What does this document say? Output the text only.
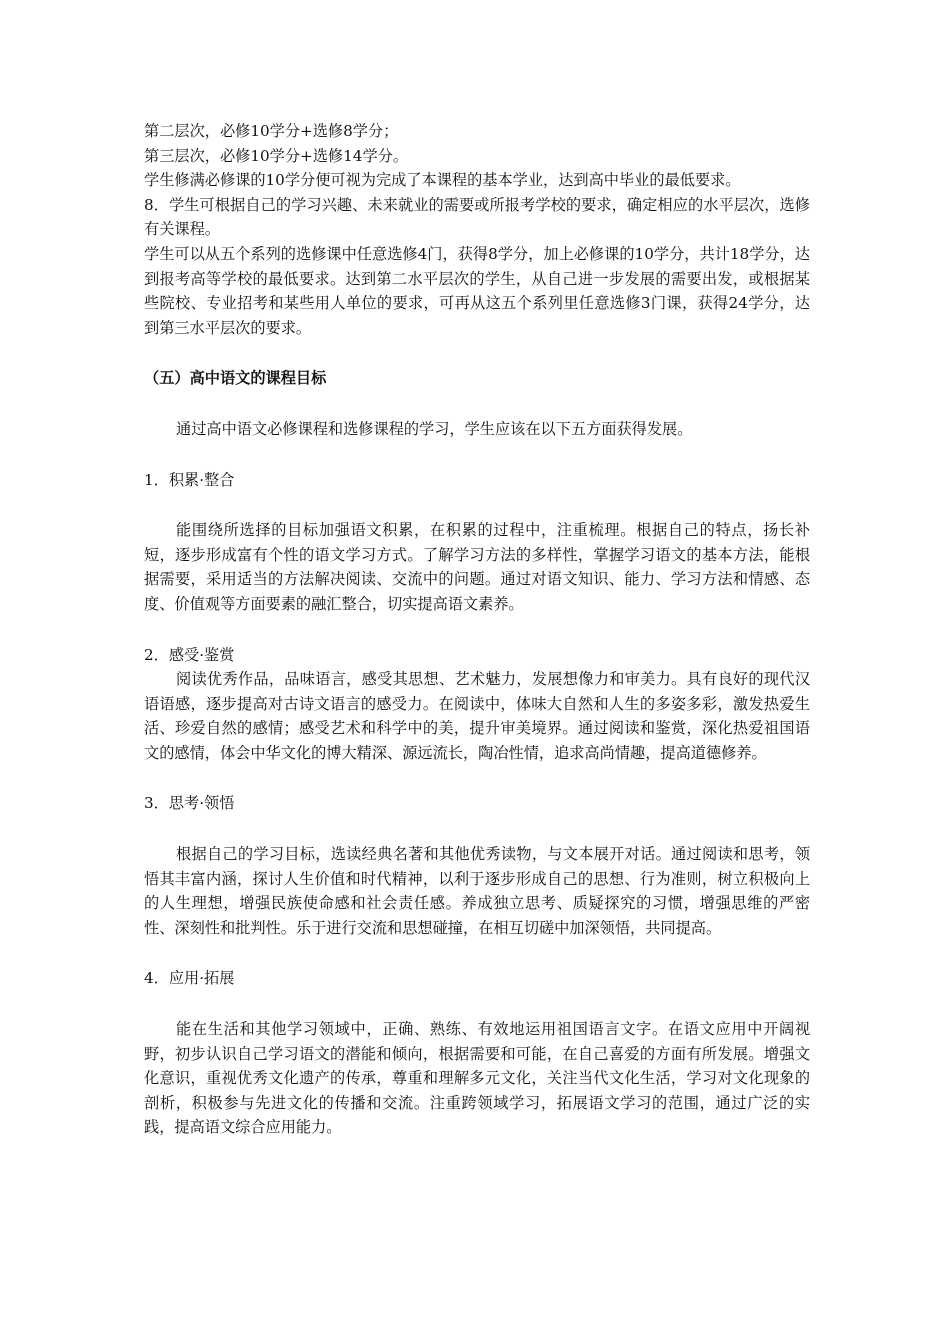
第二层次，必修10学分+选修8学分；

第三层次，必修10学分+选修14学分。

学生修满必修课的10学分便可视为完成了本课程的基本学业，达到高中毕业的最低要求。

8．学生可根据自己的学习兴趣、未来就业的需要或所报考学校的要求，确定相应的水平层次，选修有关课程。

学生可以从五个系列的选修课中任意选修4门，获得8学分，加上必修课的10学分，共计18学分，达到报考高等学校的最低要求。达到第二水平层次的学生，从自己进一步发展的需要出发，或根据某些院校、专业招考和某些用人单位的要求，可再从这五个系列里任意选修3门课，获得24学分，达到第三水平层次的要求。

（五）高中语文的课程目标

通过高中语文必修课程和选修课程的学习，学生应该在以下五方面获得发展。

1．积累·整合

能围绕所选择的目标加强语文积累，在积累的过程中，注重梳理。根据自己的特点，扬长补短，逐步形成富有个性的语文学习方式。了解学习方法的多样性，掌握学习语文的基本方法，能根据需要，采用适当的方法解决阅读、交流中的问题。通过对语文知识、能力、学习方法和情感、态度、价值观等方面要素的融汇整合，切实提高语文素养。

2．感受·鉴赏

阅读优秀作品，品味语言，感受其思想、艺术魅力，发展想像力和审美力。具有良好的现代汉语语感，逐步提高对古诗文语言的感受力。在阅读中，体味大自然和人生的多姿多彩，激发热爱生活、珍爱自然的感情；感受艺术和科学中的美，提升审美境界。通过阅读和鉴赏，深化热爱祖国语文的感情，体会中华文化的博大精深、源远流长，陶冶性情，追求高尚情趣，提高道德修养。

3．思考·领悟

根据自己的学习目标，选读经典名著和其他优秀读物，与文本展开对话。通过阅读和思考，领悟其丰富内涵，探讨人生价值和时代精神，以利于逐步形成自己的思想、行为准则，树立积极向上的人生理想，增强民族使命感和社会责任感。养成独立思考、质疑探究的习惯，增强思维的严密性、深刻性和批判性。乐于进行交流和思想碰撞，在相互切磋中加深领悟，共同提高。

4．应用·拓展

能在生活和其他学习领域中，正确、熟练、有效地运用祖国语言文字。在语文应用中开阔视野，初步认识自己学习语文的潜能和倾向，根据需要和可能，在自己喜爱的方面有所发展。增强文化意识，重视优秀文化遗产的传承，尊重和理解多元文化，关注当代文化生活，学习对文化现象的剖析，积极参与先进文化的传播和交流。注重跨领域学习，拓展语文学习的范围，通过广泛的实践，提高语文综合应用能力。
